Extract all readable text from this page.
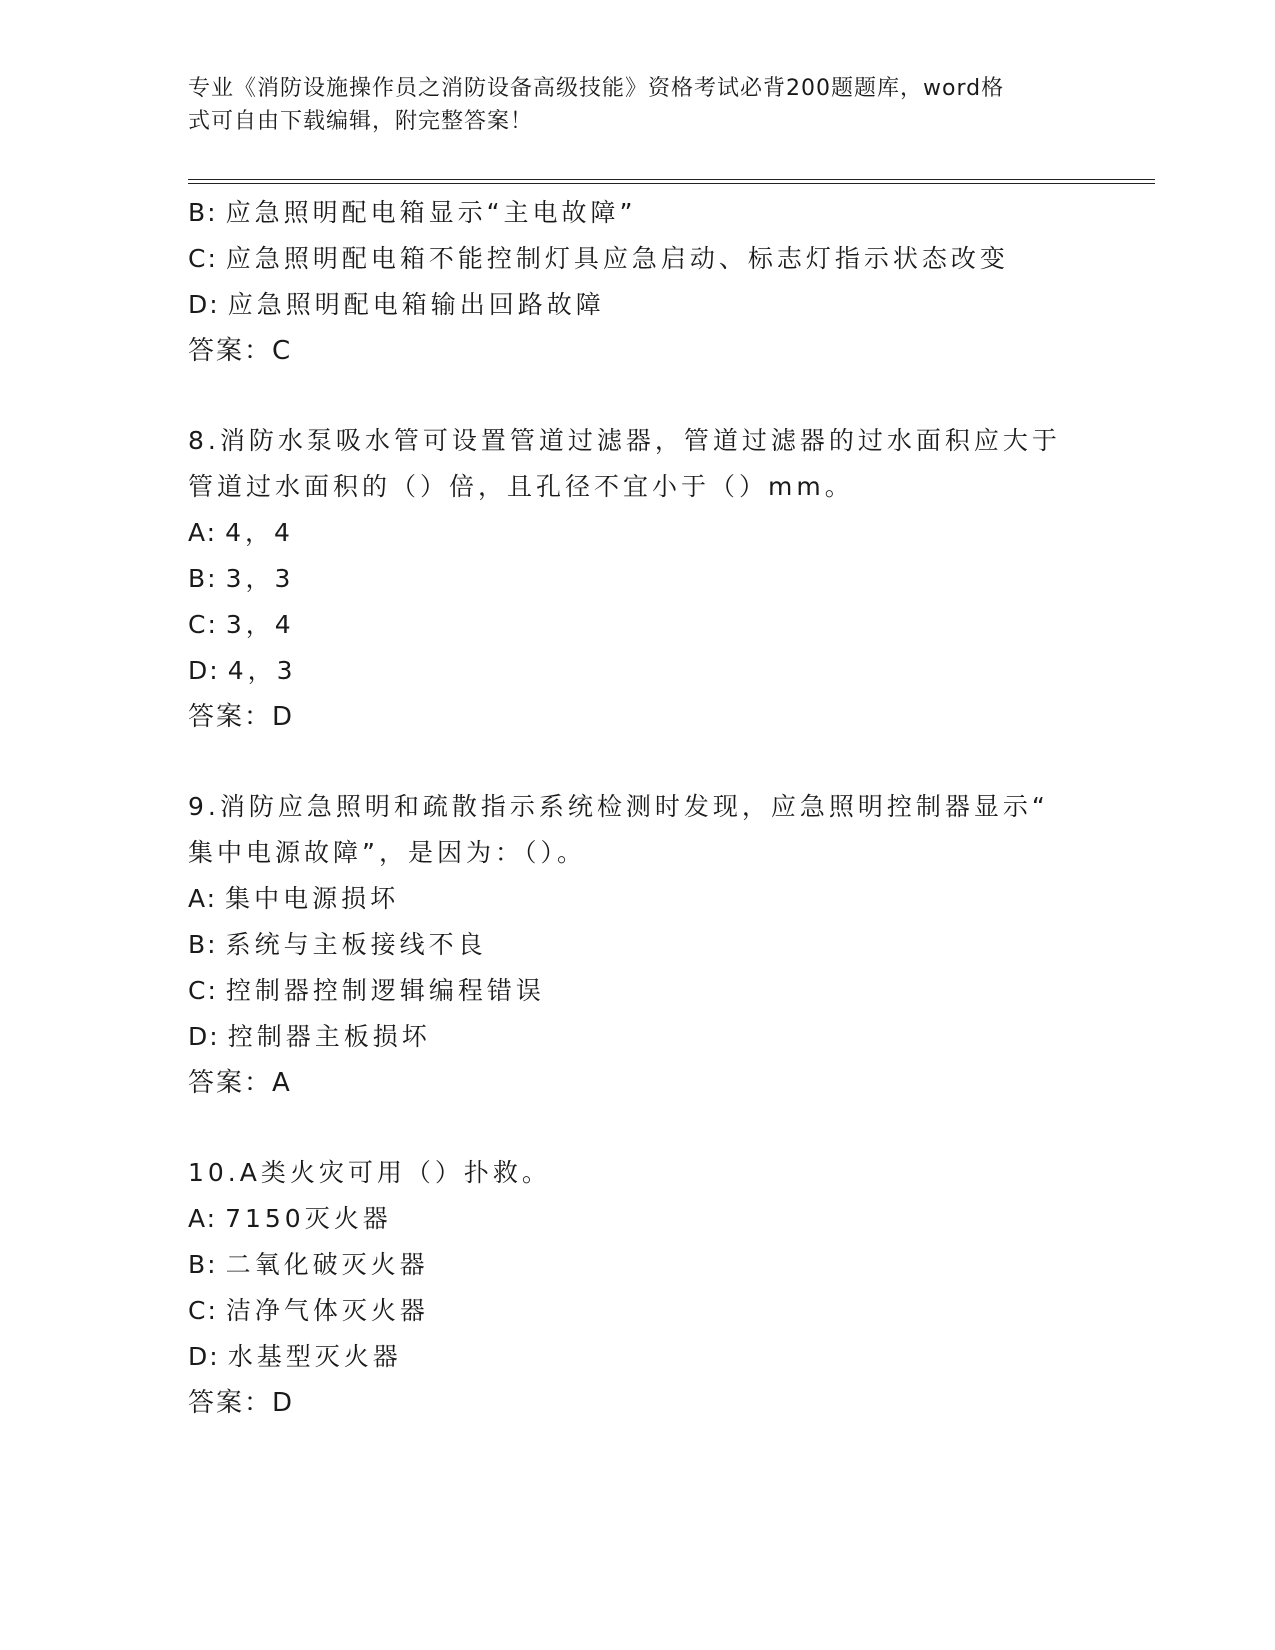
专业《消防设施操作员之消防设备高级技能》资格考试必背200题题库，word格
式可自由下载编辑，附完整答案！
B: 应急照明配电箱显示“主电故障”
C: 应急照明配电箱不能控制灯具应急启动、标志灯指示状态改变
D: 应急照明配电箱输出回路故障
答案：C
8.消防水泵吸水管可设置管道过滤器，管道过滤器的过水面积应大于
管道过水面积的（）倍，且孔径不宜小于（）mm。
A: 4，4
B: 3，3
C: 3，4
D: 4，3
答案：D
9.消防应急照明和疏散指示系统检测时发现，应急照明控制器显示“
集中电源故障”，是因为：（）。
A: 集中电源损坏
B: 系统与主板接线不良
C: 控制器控制逻辑编程错误
D: 控制器主板损坏
答案：A
10.A类火灾可用（）扑救。
A: 7150灭火器
B: 二氧化破灭火器
C: 洁净气体灭火器
D: 水基型灭火器
答案：D
